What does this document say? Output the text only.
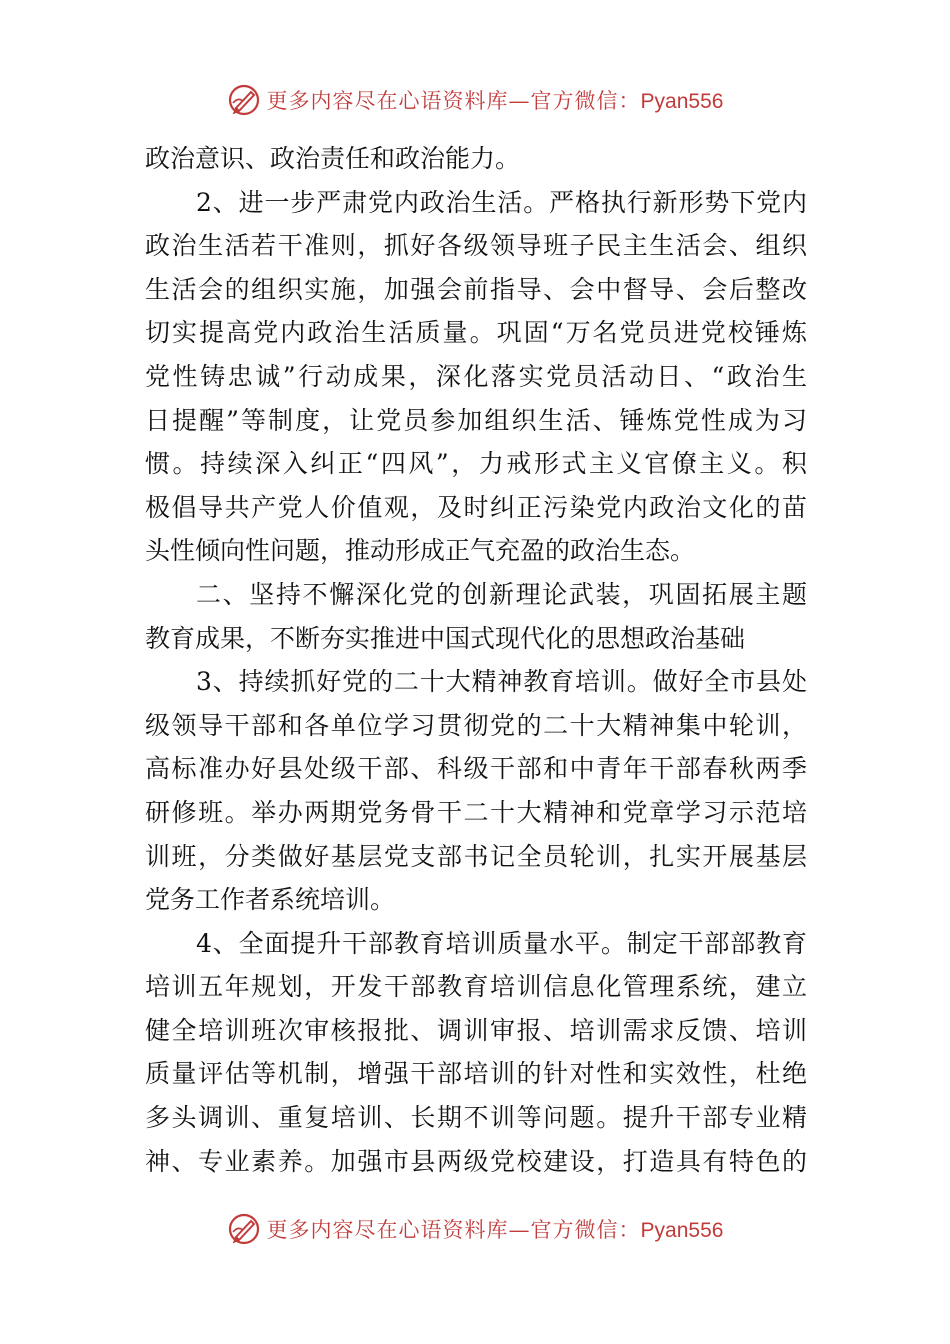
更多内容尽在心语资料库—官方微信：Pyan556
政治意识、政治责任和政治能力。
2、进一步严肃党内政治生活。严格执行新形势下党内
政治生活若干准则，抓好各级领导班子民主生活会、组织
生活会的组织实施，加强会前指导、会中督导、会后整改
切实提高党内政治生活质量。巩固“万名党员进党校锤炼
党性铸忠诚”行动成果，深化落实党员活动日、“政治生
日提醒”等制度，让党员参加组织生活、锤炼党性成为习
惯。持续深入纠正“四风”，力戒形式主义官僚主义。积
极倡导共产党人价值观，及时纠正污染党内政治文化的苗
头性倾向性问题，推动形成正气充盈的政治生态。
二、坚持不懈深化党的创新理论武装，巩固拓展主题
教育成果，不断夯实推进中国式现代化的思想政治基础
3、持续抓好党的二十大精神教育培训。做好全市县处
级领导干部和各单位学习贯彻党的二十大精神集中轮训，
高标准办好县处级干部、科级干部和中青年干部春秋两季
研修班。举办两期党务骨干二十大精神和党章学习示范培
训班，分类做好基层党支部书记全员轮训，扎实开展基层
党务工作者系统培训。
4、全面提升干部教育培训质量水平。制定干部部教育
培训五年规划，开发干部教育培训信息化管理系统，建立
健全培训班次审核报批、调训审报、培训需求反馈、培训
质量评估等机制，增强干部培训的针对性和实效性，杜绝
多头调训、重复培训、长期不训等问题。提升干部专业精
神、专业素养。加强市县两级党校建设，打造具有特色的
更多内容尽在心语资料库—官方微信：Pyan556
